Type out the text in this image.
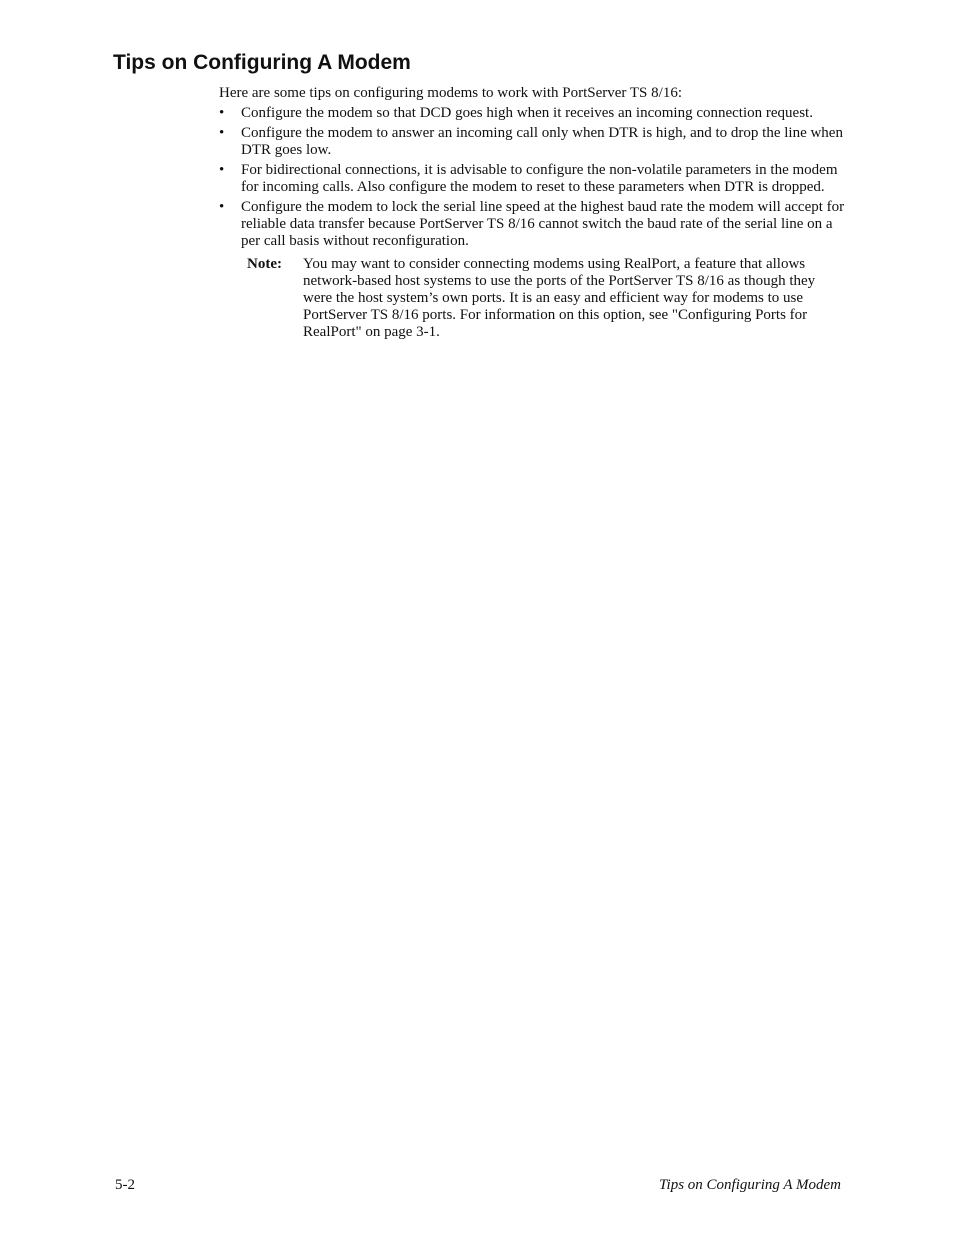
Tips on Configuring A Modem

Here are some tips on configuring modems to work with PortServer TS 8/16:

• Configure the modem so that DCD goes high when it receives an incoming connection request.
• Configure the modem to answer an incoming call only when DTR is high, and to drop the line when DTR goes low.
• For bidirectional connections, it is advisable to configure the non-volatile parameters in the modem for incoming calls. Also configure the modem to reset to these parameters when DTR is dropped.
• Configure the modem to lock the serial line speed at the highest baud rate the modem will accept for reliable data transfer because PortServer TS 8/16 cannot switch the baud rate of the serial line on a per call basis without reconfiguration.
Note:	You may want to consider connecting modems using RealPort, a feature that allows network-based host systems to use the ports of the PortServer TS 8/16 as though they were the host system’s own ports. It is an easy and efficient way for modems to use PortServer TS 8/16 ports. For information on this option, see "Configuring Ports for RealPort" on page 3-1.
5-2	Tips on Configuring A Modem
